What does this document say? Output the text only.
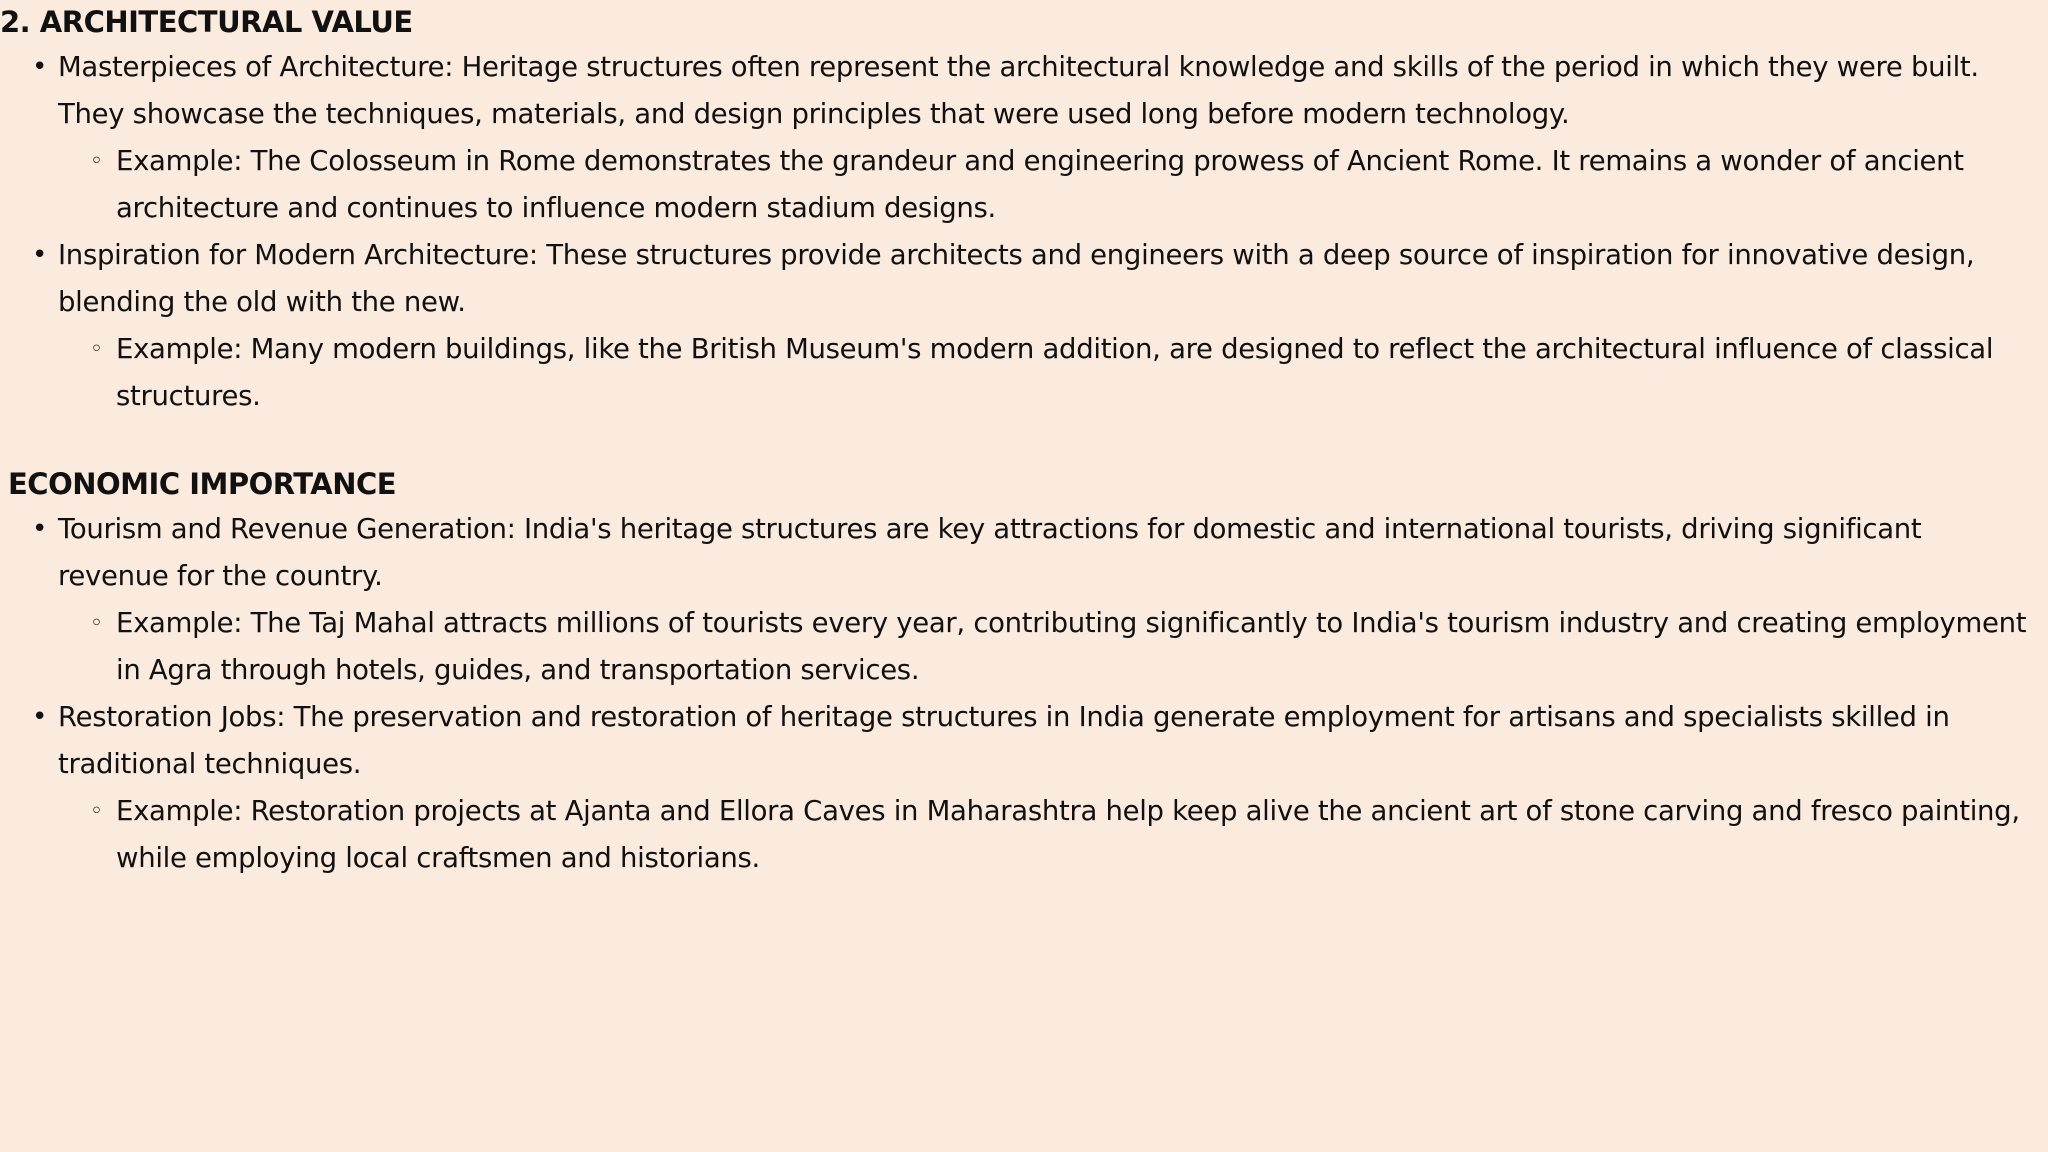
2. ARCHITECTURAL VALUE
• Masterpieces of Architecture: Heritage structures often represent the architectural knowledge and skills of the period in which they were built. They showcase the techniques, materials, and design principles that were used long before modern technology.
◦ Example: The Colosseum in Rome demonstrates the grandeur and engineering prowess of Ancient Rome. It remains a wonder of ancient architecture and continues to influence modern stadium designs.
• Inspiration for Modern Architecture: These structures provide architects and engineers with a deep source of inspiration for innovative design, blending the old with the new.
◦ Example: Many modern buildings, like the British Museum's modern addition, are designed to reflect the architectural influence of classical structures.
ECONOMIC IMPORTANCE
• Tourism and Revenue Generation: India's heritage structures are key attractions for domestic and international tourists, driving significant revenue for the country.
◦ Example: The Taj Mahal attracts millions of tourists every year, contributing significantly to India's tourism industry and creating employment in Agra through hotels, guides, and transportation services.
• Restoration Jobs: The preservation and restoration of heritage structures in India generate employment for artisans and specialists skilled in traditional techniques.
◦ Example: Restoration projects at Ajanta and Ellora Caves in Maharashtra help keep alive the ancient art of stone carving and fresco painting, while employing local craftsmen and historians.
